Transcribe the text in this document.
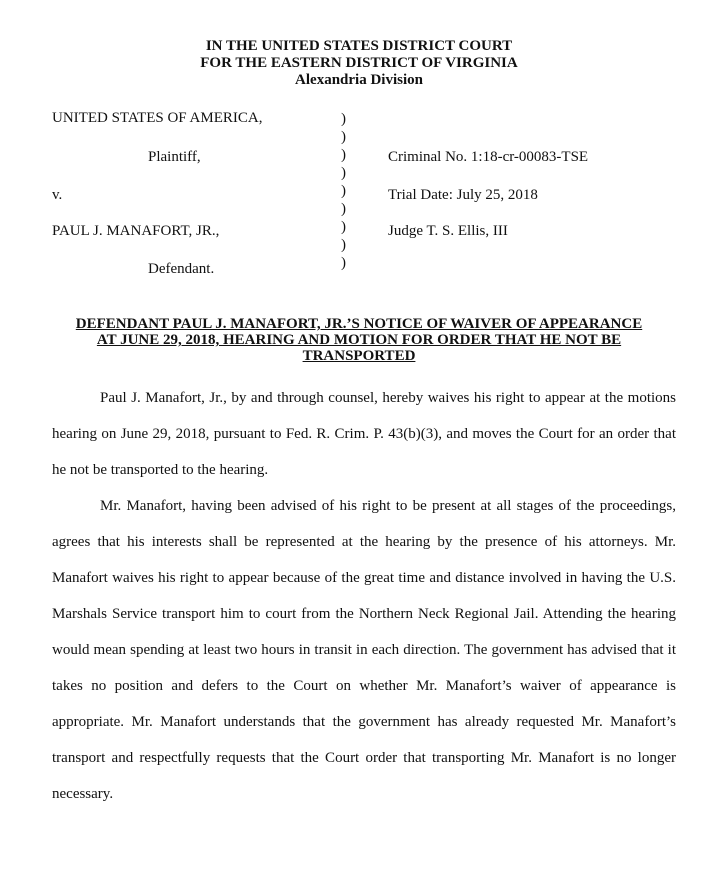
IN THE UNITED STATES DISTRICT COURT
FOR THE EASTERN DISTRICT OF VIRGINIA
Alexandria Division
UNITED STATES OF AMERICA,
Plaintiff,
v.
PAUL J. MANAFORT, JR.,
Defendant.
)
)
)
)
)
)
)
)
)
Criminal No. 1:18-cr-00083-TSE
Trial Date: July 25, 2018
Judge T. S. Ellis, III
DEFENDANT PAUL J. MANAFORT, JR.’S NOTICE OF WAIVER OF APPEARANCE
AT JUNE 29, 2018, HEARING AND MOTION FOR ORDER THAT HE NOT BE
TRANSPORTED

Paul J. Manafort, Jr., by and through counsel, hereby waives his right to appear at the motions hearing on June 29, 2018, pursuant to Fed. R. Crim. P. 43(b)(3), and moves the Court for an order that he not be transported to the hearing.

Mr. Manafort, having been advised of his right to be present at all stages of the proceedings, agrees that his interests shall be represented at the hearing by the presence of his attorneys. Mr. Manafort waives his right to appear because of the great time and distance involved in having the U.S. Marshals Service transport him to court from the Northern Neck Regional Jail. Attending the hearing would mean spending at least two hours in transit in each direction. The government has advised that it takes no position and defers to the Court on whether Mr. Manafort’s waiver of appearance is appropriate. Mr. Manafort understands that the government has already requested Mr. Manafort’s transport and respectfully requests that the Court order that transporting Mr. Manafort is no longer necessary.
